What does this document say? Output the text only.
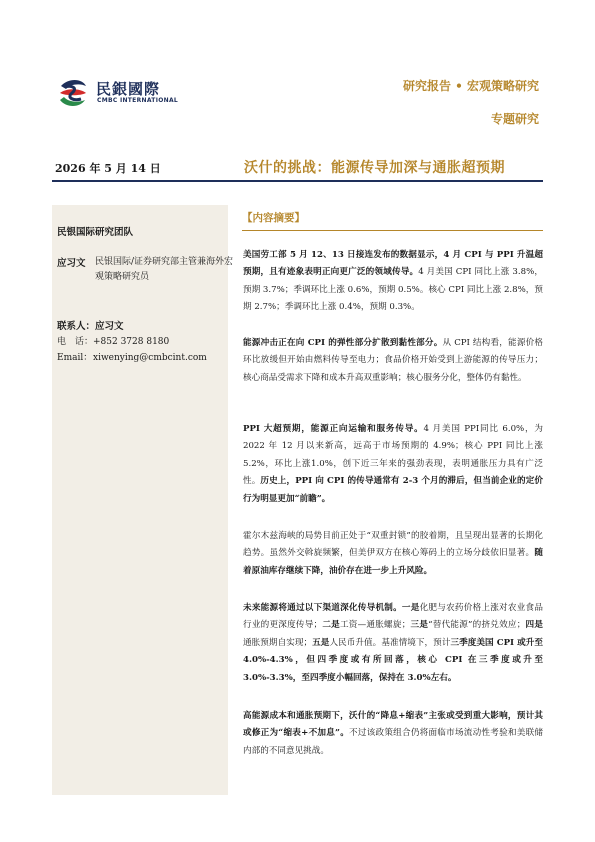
民銀國際
CMBC INTERNATIONAL
研究报告 • 宏观策略研究
专题研究
2026 年 5 月 14 日	沃什的挑战：能源传导加深与通胀超预期
民银国际研究团队
应习文 民银国际/证券研究部主管兼海外宏观策略研究员
联系人：应习文
电　话：+852 3728 8180
Email：xiwenying@cmbcint.com
【内容摘要】
美国劳工部 5 月 12、13 日接连发布的数据显示，4 月 CPI 与 PPI 升温超预期，且有迹象表明正向更广泛的领域传导。4 月美国 CPI 同比上涨 3.8%，预期 3.7%；季调环比上涨 0.6%，预期 0.5%。核心 CPI 同比上涨 2.8%，预期 2.7%；季调环比上涨 0.4%，预期 0.3%。
能源冲击正在向 CPI 的弹性部分扩散到黏性部分。从 CPI 结构看，能源价格环比放缓但开始由燃料传导至电力；食品价格开始受到上游能源的传导压力；核心商品受需求下降和成本升高双重影响；核心服务分化，整体仍有黏性。
PPI 大超预期，能源正向运输和服务传导。4 月美国 PPI同比 6.0%，为 2022 年 12 月以来新高，远高于市场预期的 4.9%；核心 PPI 同比上涨 5.2%，环比上涨1.0%，创下近三年来的强劲表现，表明通胀压力具有广泛性。历史上，PPI 向 CPI 的传导通常有 2-3 个月的滞后，但当前企业的定价行为明显更加“前瞻”。
霍尔木兹海峡的局势目前正处于“双重封锁”的胶着期，且呈现出显著的长期化趋势。虽然外交斡旋频繁，但美伊双方在核心筹码上的立场分歧依旧显著。随着原油库存继续下降，油价存在进一步上升风险。
未来能源将通过以下渠道深化传导机制。一是化肥与农药价格上涨对农业食品行业的更深度传导；二是工资—通胀螺旋；三是“替代能源”的挤兑效应；四是通胀预期自实现；五是人民币升值。基准情境下，预计三季度美国 CPI 或升至 4.0%-4.3%，但四季度或有所回落，核心 CPI 在三季度或升至 3.0%-3.3%，至四季度小幅回落，保持在 3.0%左右。
高能源成本和通胀预期下，沃什的“降息+缩表”主张或受到重大影响，预计其或修正为“缩表+不加息”。不过该政策组合仍将面临市场流动性考验和美联储内部的不同意见挑战。
